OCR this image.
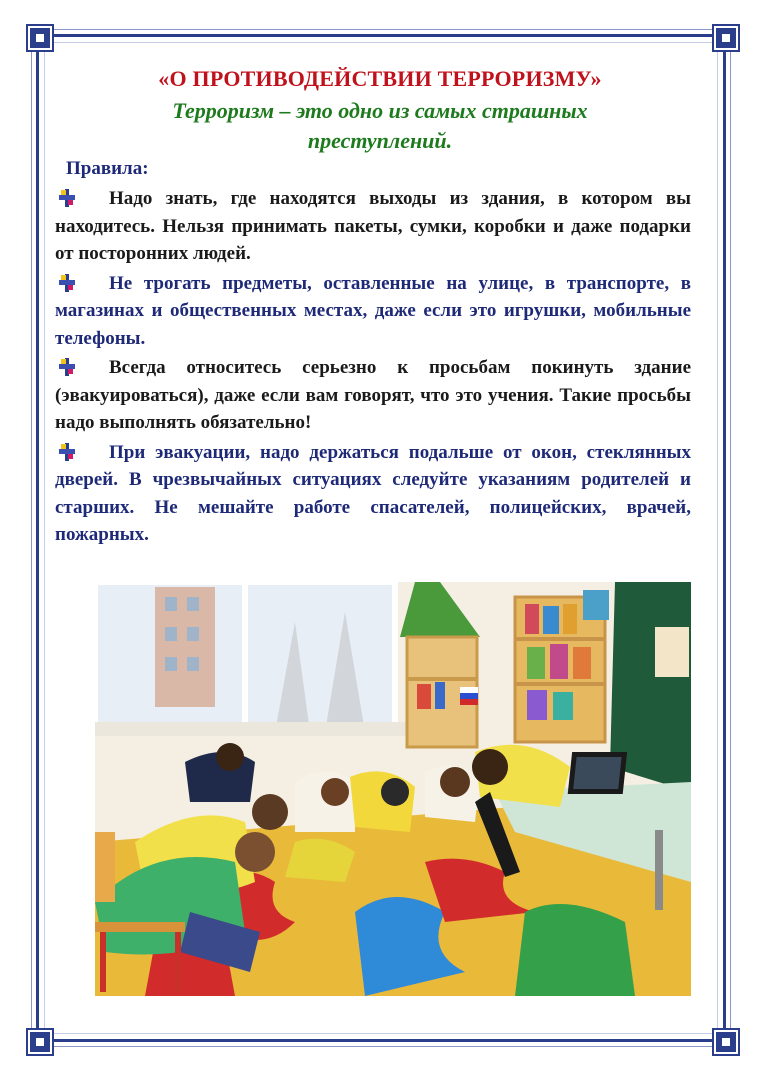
«О ПРОТИВОДЕЙСТВИИ ТЕРРОРИЗМУ»
Терроризм – это одно из самых страшных преступлений.
Правила:
Надо знать, где находятся выходы из здания, в котором вы находитесь. Нельзя принимать пакеты, сумки, коробки и даже подарки от посторонних людей.
Не трогать предметы, оставленные на улице, в транспорте, в магазинах и общественных местах, даже если это игрушки, мобильные телефоны.
Всегда относитесь серьезно к просьбам покинуть здание (эвакуироваться), даже если вам говорят, что это учения. Такие просьбы надо выполнять обязательно!
При эвакуации, надо держаться подальше от окон, стеклянных дверей. В чрезвычайных ситуациях следуйте указаниям родителей и старших. Не мешайте работе спасателей, полицейских, врачей, пожарных.
